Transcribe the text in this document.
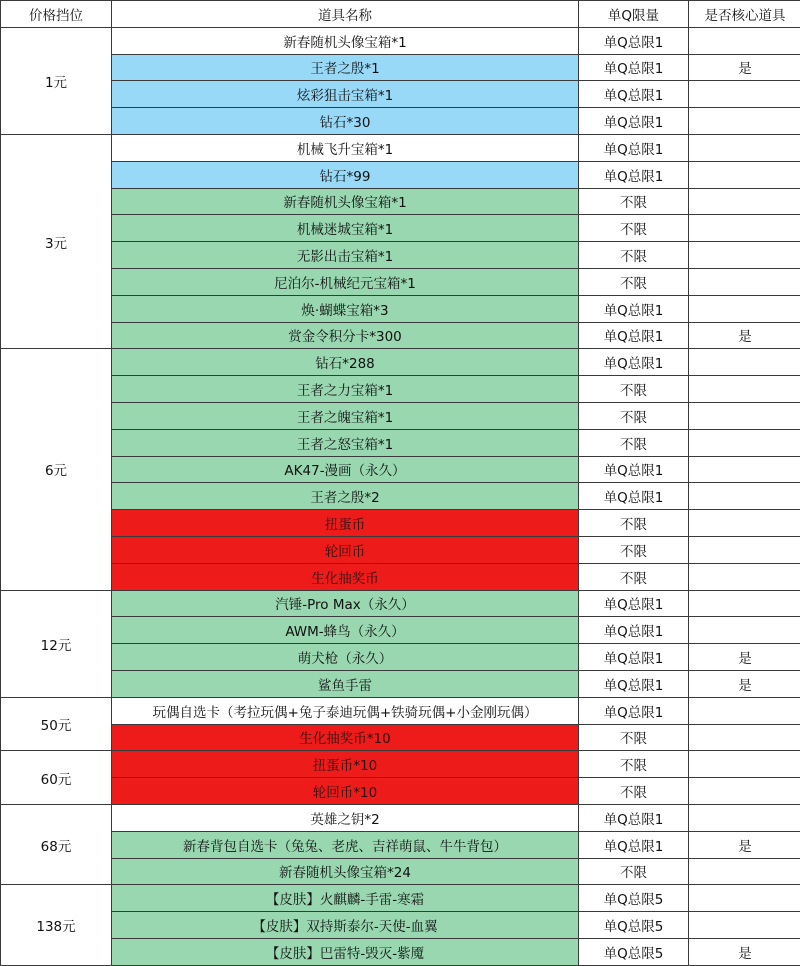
价格挡位	道具名称	单Q限量	是否核心道具
1元	新春随机头像宝箱*1	单Q总限1	
	王者之殷*1	单Q总限1	是
	炫彩狙击宝箱*1	单Q总限1	
	钻石*30	单Q总限1	
3元	机械飞升宝箱*1	单Q总限1	
	钻石*99	单Q总限1	
	新春随机头像宝箱*1	不限	
	机械迷城宝箱*1	不限	
	无影出击宝箱*1	不限	
	尼泊尔-机械纪元宝箱*1	不限	
	焕·蝴蝶宝箱*3	单Q总限1	
	赏金令积分卡*300	单Q总限1	是
6元	钻石*288	单Q总限1	
	王者之力宝箱*1	不限	
	王者之魄宝箱*1	不限	
	王者之怒宝箱*1	不限	
	AK47-漫画（永久）	单Q总限1	
	王者之殷*2	单Q总限1	
	扭蛋币	不限	
	轮回币	不限	
	生化抽奖币	不限	
12元	汽锤-Pro Max（永久）	单Q总限1	
	AWM-蜂鸟（永久）	单Q总限1	
	萌犬枪（永久）	单Q总限1	是
	鲨鱼手雷	单Q总限1	是
50元	玩偶自选卡（考拉玩偶+兔子泰迪玩偶+铁骑玩偶+小金刚玩偶）	单Q总限1	
	生化抽奖币*10	不限	
60元	扭蛋币*10	不限	
	轮回币*10	不限	
68元	英雄之钥*2	单Q总限1	
	新春背包自选卡（兔兔、老虎、吉祥萌鼠、牛牛背包）	单Q总限1	是
	新春随机头像宝箱*24	不限	
138元	【皮肤】火麒麟-手雷-寒霜	单Q总限5	
	【皮肤】双持斯泰尔-天使-血翼	单Q总限5	
	【皮肤】巴雷特-毁灭-紫魇	单Q总限5	是
